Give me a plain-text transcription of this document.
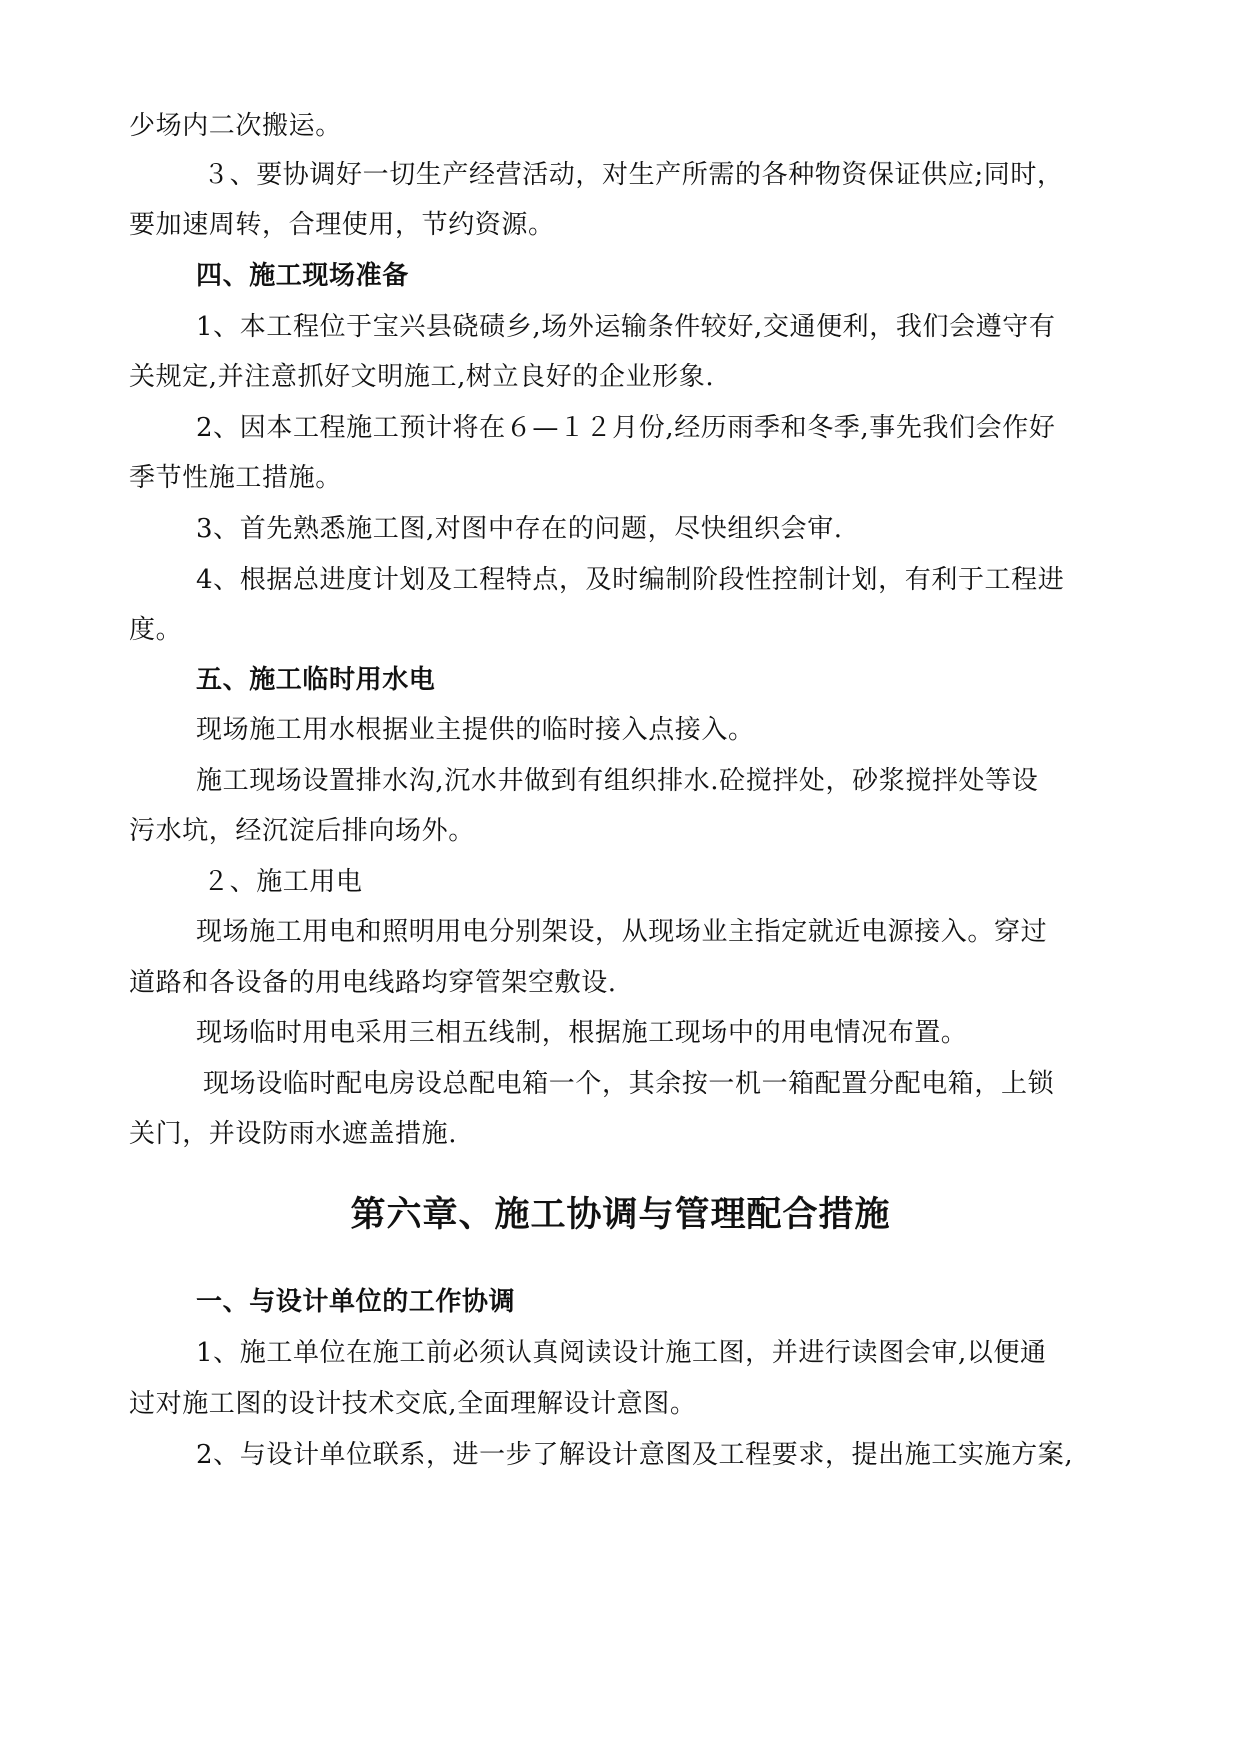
少场内二次搬运。
３、要协调好一切生产经营活动，对生产所需的各种物资保证供应;同时，
要加速周转，合理使用，节约资源。
四、施工现场准备
1、本工程位于宝兴县硗碛乡,场外运输条件较好,交通便利，我们会遵守有
关规定,并注意抓好文明施工,树立良好的企业形象.
2、因本工程施工预计将在６—１２月份,经历雨季和冬季,事先我们会作好
季节性施工措施。
3、首先熟悉施工图,对图中存在的问题，尽快组织会审.
4、根据总进度计划及工程特点，及时编制阶段性控制计划，有利于工程进
度。
五、施工临时用水电
现场施工用水根据业主提供的临时接入点接入。
施工现场设置排水沟,沉水井做到有组织排水.砼搅拌处，砂浆搅拌处等设
污水坑，经沉淀后排向场外。
２、施工用电
现场施工用电和照明用电分别架设，从现场业主指定就近电源接入。穿过
道路和各设备的用电线路均穿管架空敷设.
现场临时用电采用三相五线制，根据施工现场中的用电情况布置。
现场设临时配电房设总配电箱一个，其余按一机一箱配置分配电箱，上锁
关门，并设防雨水遮盖措施.
第六章、施工协调与管理配合措施
一、与设计单位的工作协调
1、施工单位在施工前必须认真阅读设计施工图，并进行读图会审,以便通
过对施工图的设计技术交底,全面理解设计意图。
2、与设计单位联系，进一步了解设计意图及工程要求，提出施工实施方案,
